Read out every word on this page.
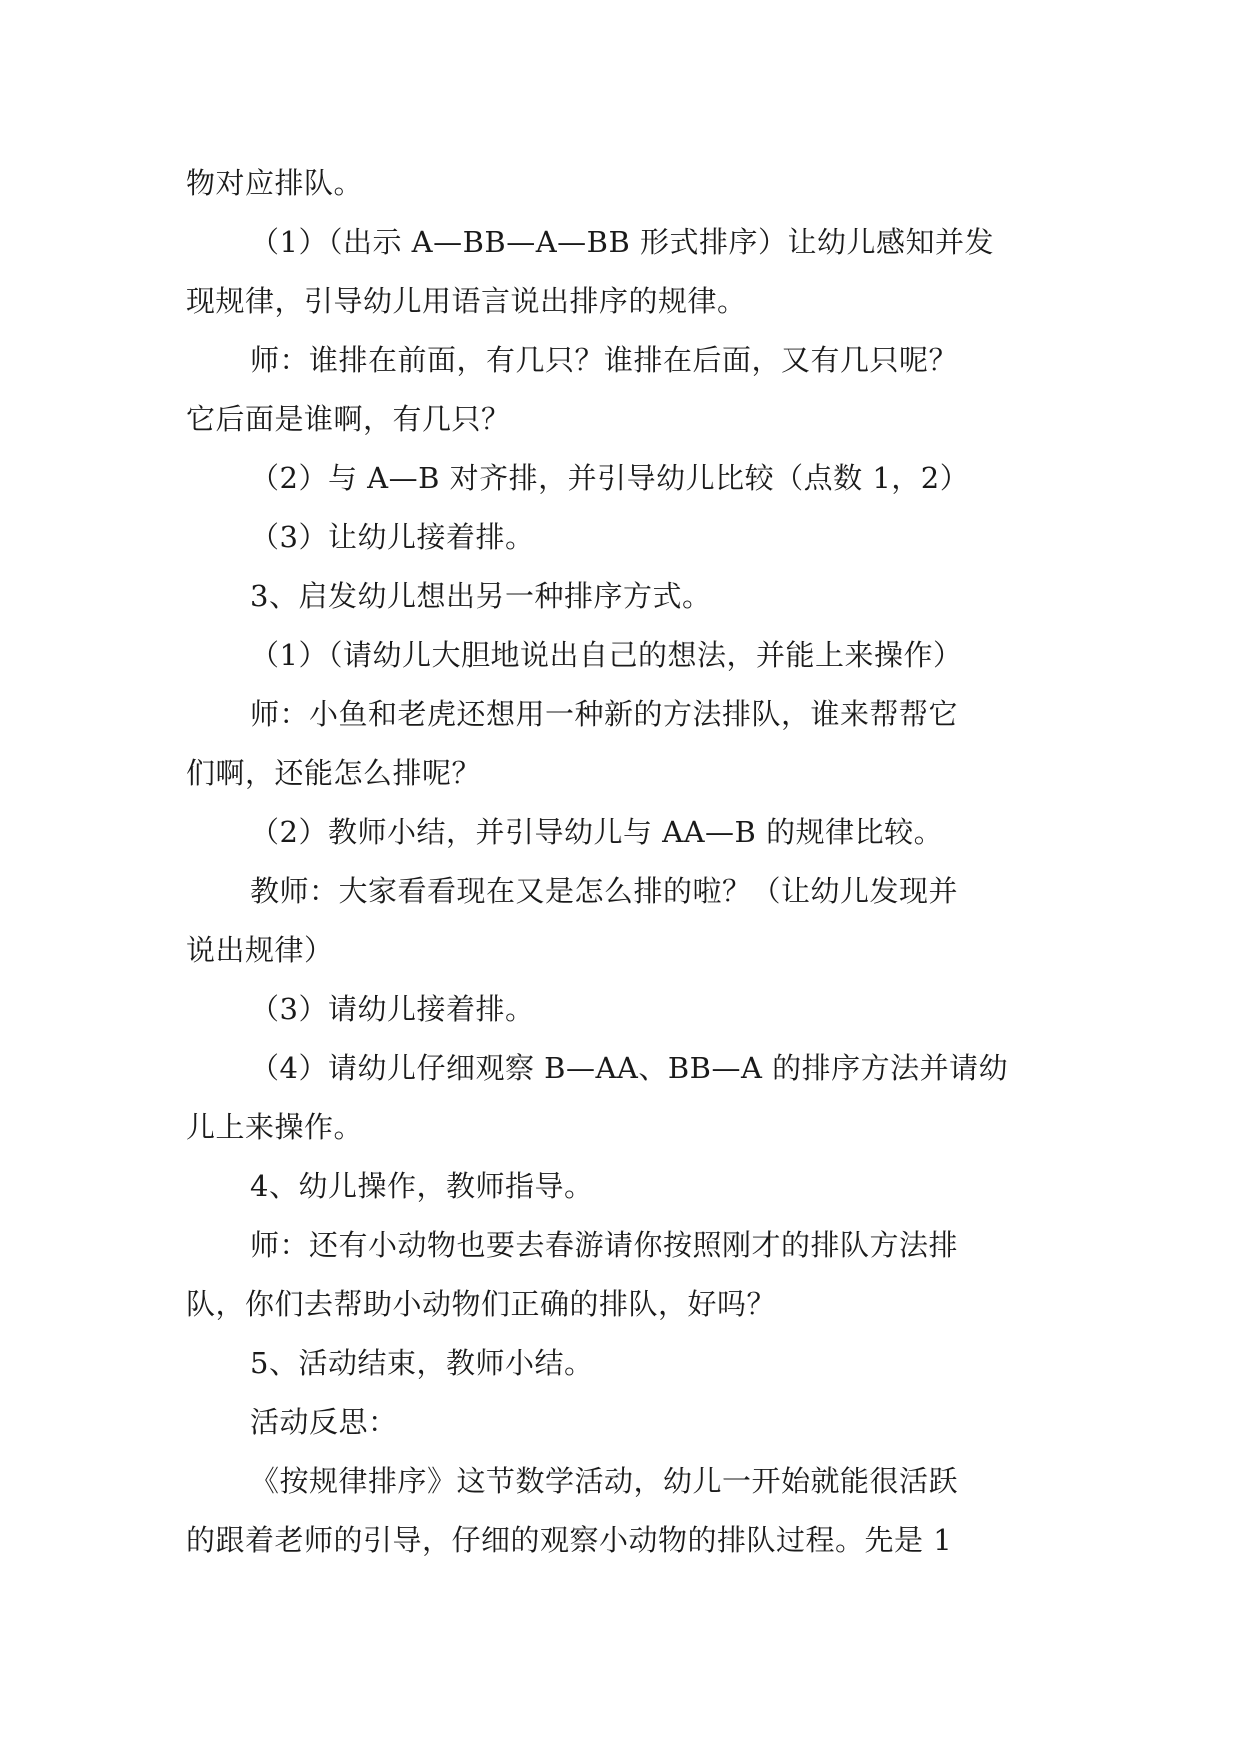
物对应排队。
（1）（出示 A—BB—A—BB 形式排序）让幼儿感知并发
现规律，引导幼儿用语言说出排序的规律。
师：谁排在前面，有几只？谁排在后面，又有几只呢？
它后面是谁啊，有几只？
（2）与 A—B 对齐排，并引导幼儿比较（点数 1，2）
（3）让幼儿接着排。
3、启发幼儿想出另一种排序方式。
（1）（请幼儿大胆地说出自己的想法，并能上来操作）
师：小鱼和老虎还想用一种新的方法排队，谁来帮帮它
们啊，还能怎么排呢？
（2）教师小结，并引导幼儿与 AA—B 的规律比较。
教师：大家看看现在又是怎么排的啦？（让幼儿发现并
说出规律）
（3）请幼儿接着排。
（4）请幼儿仔细观察 B—AA、BB—A 的排序方法并请幼
儿上来操作。
4、幼儿操作，教师指导。
师：还有小动物也要去春游请你按照刚才的排队方法排
队，你们去帮助小动物们正确的排队，好吗？
5、活动结束，教师小结。
活动反思：
《按规律排序》这节数学活动，幼儿一开始就能很活跃
的跟着老师的引导，仔细的观察小动物的排队过程。先是 1
